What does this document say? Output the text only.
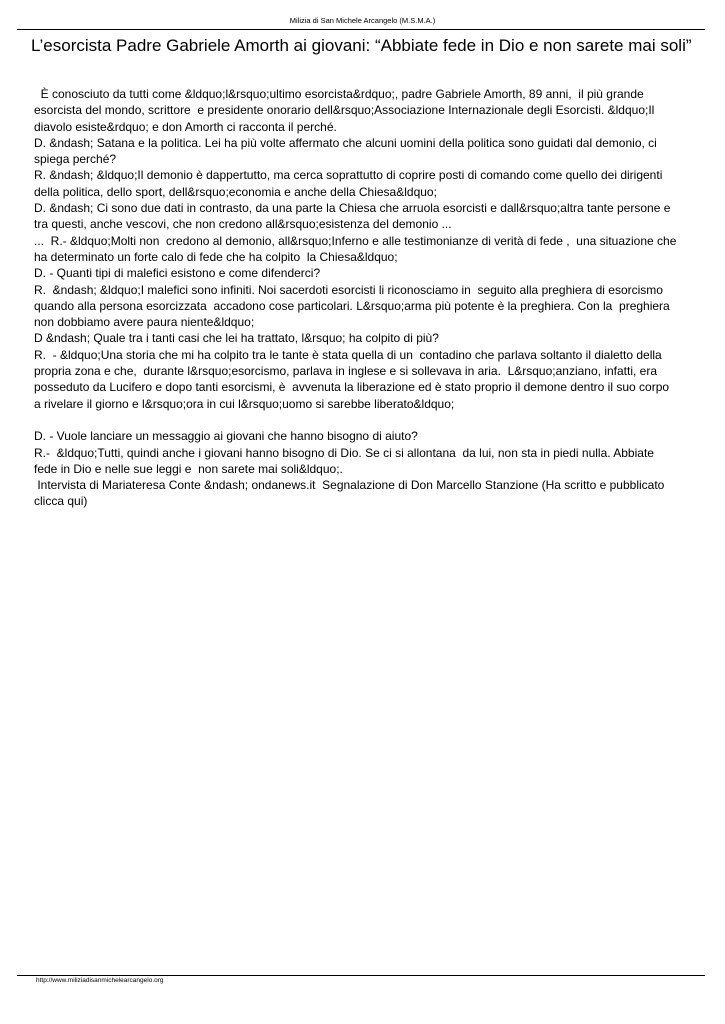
Milizia di San Michele Arcangelo (M.S.M.A.)
L’esorcista Padre Gabriele Amorth ai giovani: “Abbiate fede in Dio e non sarete mai soli”
È conosciuto da tutti come &ldquo;l&rsquo;ultimo esorcista&rdquo;, padre Gabriele Amorth, 89 anni,  il più grande
esorcista del mondo, scrittore  e presidente onorario dell&rsquo;Associazione Internazionale degli Esorcisti. &ldquo;Il
diavolo esiste&rdquo; e don Amorth ci racconta il perché.
D. &ndash; Satana e la politica. Lei ha più volte affermato che alcuni uomini della politica sono guidati dal demonio, ci
spiega perché?
R. &ndash; &ldquo;Il demonio è dappertutto, ma cerca soprattutto di coprire posti di comando come quello dei dirigenti
della politica, dello sport, dell&rsquo;economia e anche della Chiesa&ldquo;
D. &ndash; Ci sono due dati in contrasto, da una parte la Chiesa che arruola esorcisti e dall&rsquo;altra tante persone e
tra questi, anche vescovi, che non credono all&rsquo;esistenza del demonio ...
...  R.- &ldquo;Molti non  credono al demonio, all&rsquo;Inferno e alle testimonianze di verità di fede ,  una situazione che
ha determinato un forte calo di fede che ha colpito  la Chiesa&ldquo;
D. - Quanti tipi di malefici esistono e come difenderci?
R.  &ndash; &ldquo;I malefici sono infiniti. Noi sacerdoti esorcisti li riconosciamo in  seguito alla preghiera di esorcismo
quando alla persona esorcizzata  accadono cose particolari. L&rsquo;arma più potente è la preghiera. Con la  preghiera
non dobbiamo avere paura niente&ldquo;
D &ndash; Quale tra i tanti casi che lei ha trattato, l&rsquo; ha colpito di più?
R.  - &ldquo;Una storia che mi ha colpito tra le tante è stata quella di un  contadino che parlava soltanto il dialetto della
propria zona e che,  durante l&rsquo;esorcismo, parlava in inglese e si sollevava in aria.  L&rsquo;anziano, infatti, era
posseduto da Lucifero e dopo tanti esorcismi, è  avvenuta la liberazione ed è stato proprio il demone dentro il suo corpo
a rivelare il giorno e l&rsquo;ora in cui l&rsquo;uomo si sarebbe liberato&ldquo;
D. - Vuole lanciare un messaggio ai giovani che hanno bisogno di aiuto?
R.-  &ldquo;Tutti, quindi anche i giovani hanno bisogno di Dio. Se ci si allontana  da lui, non sta in piedi nulla. Abbiate
fede in Dio e nelle sue leggi e  non sarete mai soli&ldquo;.
Intervista di Mariateresa Conte &ndash; ondanews.it  Segnalazione di Don Marcello Stanzione (Ha scritto e pubblicato
clicca qui)
http://www.miliziadisanmichelearcangelo.org
